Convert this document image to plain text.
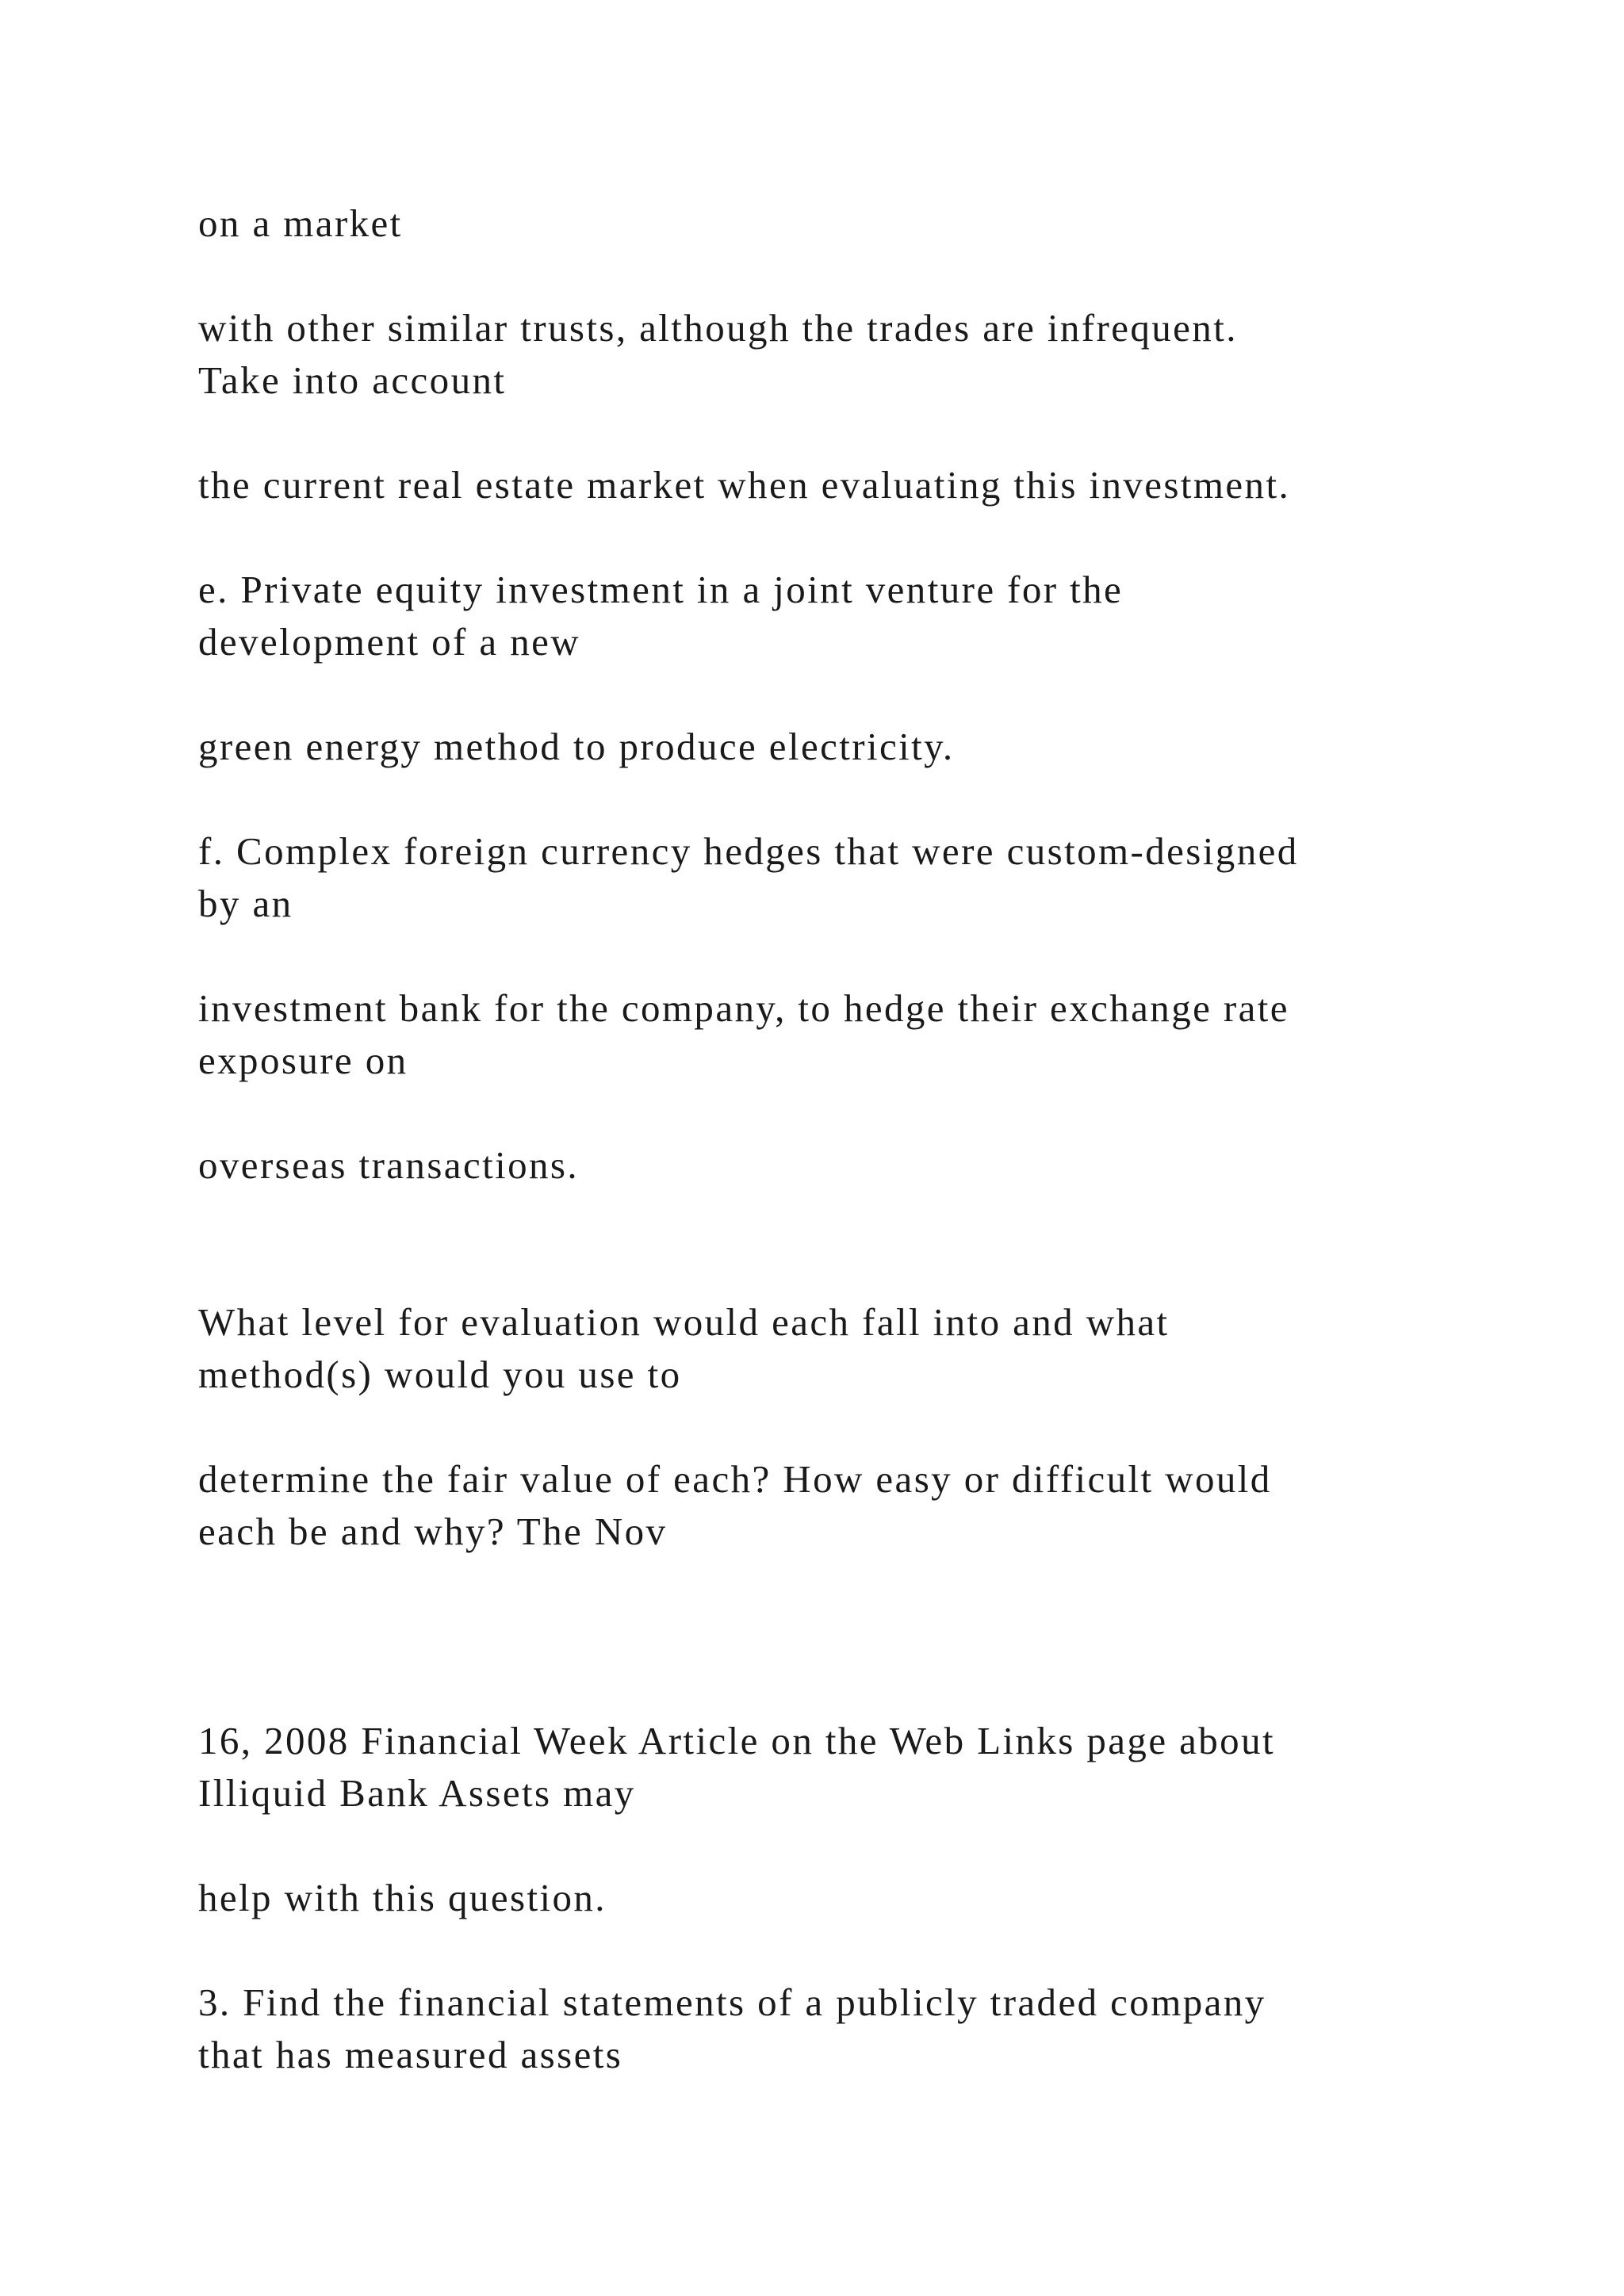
on a market
with other similar trusts, although the trades are infrequent.
Take into account
the current real estate market when evaluating this investment.
e. Private equity investment in a joint venture for the
development of a new
green energy method to produce electricity.
f. Complex foreign currency hedges that were custom-designed
by an
investment bank for the company, to hedge their exchange rate
exposure on
overseas transactions.
What level for evaluation would each fall into and what
method(s) would you use to
determine the fair value of each? How easy or difficult would
each be and why? The Nov
16, 2008 Financial Week Article on the Web Links page about
Illiquid Bank Assets may
help with this question.
3. Find the financial statements of a publicly traded company
that has measured assets
